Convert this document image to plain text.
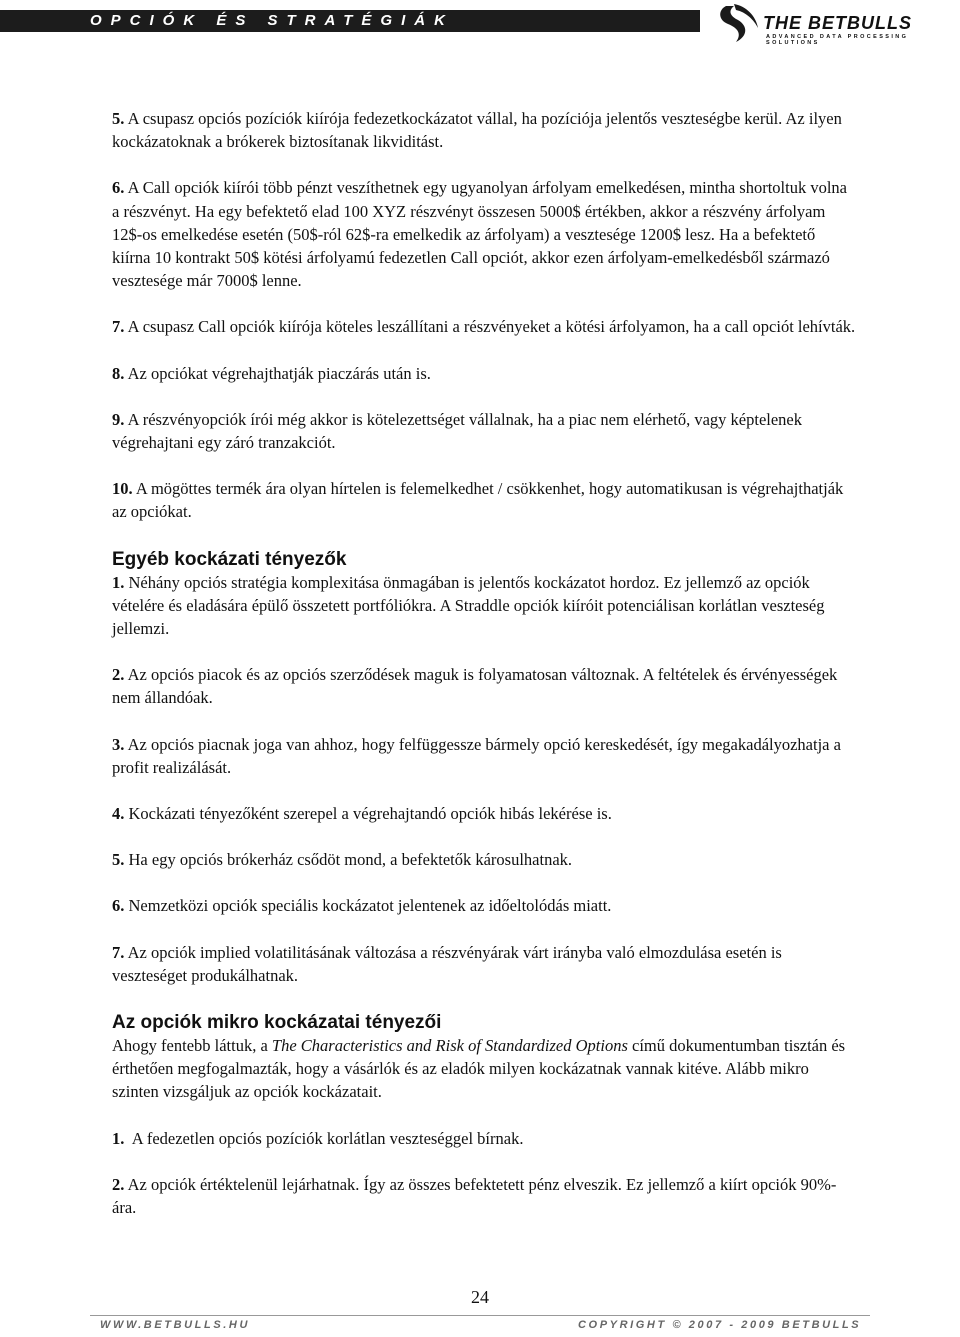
OPCIÓK ÉS STRATÉGIÁK	THE BETBULLS
ADVANCED DATA PROCESSING SOLUTIONS

5. A csupasz opciós pozíciók kiírója fedezetkockázatot vállal, ha pozíciója jelentős veszteségbe kerül. Az ilyen kockázatoknak a brókerek biztosítanak likviditást.

6. A Call opciók kiírói több pénzt veszíthetnek egy ugyanolyan árfolyam emelkedésen, mintha shortoltuk volna a részvényt. Ha egy befektető elad 100 XYZ részvényt összesen 5000$ értékben, akkor a részvény árfolyam 12$-os emelkedése esetén (50$-ról 62$-ra emelkedik az árfolyam) a vesztesége 1200$ lesz. Ha a befektető kiírna 10 kontrakt 50$ kötési árfolyamú fedezetlen Call opciót, akkor ezen árfolyam-emelkedésből származó vesztesége már 7000$ lenne.

7. A csupasz Call opciók kiírója köteles leszállítani a részvényeket a kötési árfolyamon, ha a call opciót lehívták.

8. Az opciókat végrehajthatják piaczárás után is.

9. A részvényopciók írói még akkor is kötelezettséget vállalnak, ha a piac nem elérhető, vagy képtelenek végrehajtani egy záró tranzakciót.

10. A mögöttes termék ára olyan hírtelen is felemelkedhet / csökkenhet, hogy automatikusan is végrehajthatják az opciókat.

Egyéb kockázati tényezők

1. Néhány opciós stratégia komplexitása önmagában is jelentős kockázatot hordoz. Ez jellemző az opciók vételére és eladására épülő összetett portfóliókra. A Straddle opciók kiíróit potenciálisan korlátlan veszteség jellemzi.

2. Az opciós piacok és az opciós szerződések maguk is folyamatosan változnak. A feltételek és érvényességek nem állandóak.

3. Az opciós piacnak joga van ahhoz, hogy felfüggessze bármely opció kereskedését, így megakadályozhatja a profit realizálását.

4. Kockázati tényezőként szerepel a végrehajtandó opciók hibás lekérése is.

5. Ha egy opciós brókerház csődöt mond, a befektetők károsulhatnak.

6. Nemzetközi opciók speciális kockázatot jelentenek az időeltolódás miatt.

7. Az opciók implied volatilitásának változása a részvényárak várt irányba való elmozdulása esetén is veszteséget produkálhatnak.

Az opciók mikro kockázatai tényezői

Ahogy fentebb láttuk, a The Characteristics and Risk of Standardized Options című dokumentumban tisztán és érthetően megfogalmazták, hogy a vásárlók és az eladók milyen kockázatnak vannak kitéve. Alább mikro szinten vizsgáljuk az opciók kockázatait.

1.  A fedezetlen opciós pozíciók korlátlan veszteséggel bírnak.

2. Az opciók értéktelenül lejárhatnak. Így az összes befektetett pénz elveszik. Ez jellemző a kiírt opciók 90%-ára.

24
WWW.BETBULLS.HU	COPYRIGHT © 2007 - 2009 BETBULLS
